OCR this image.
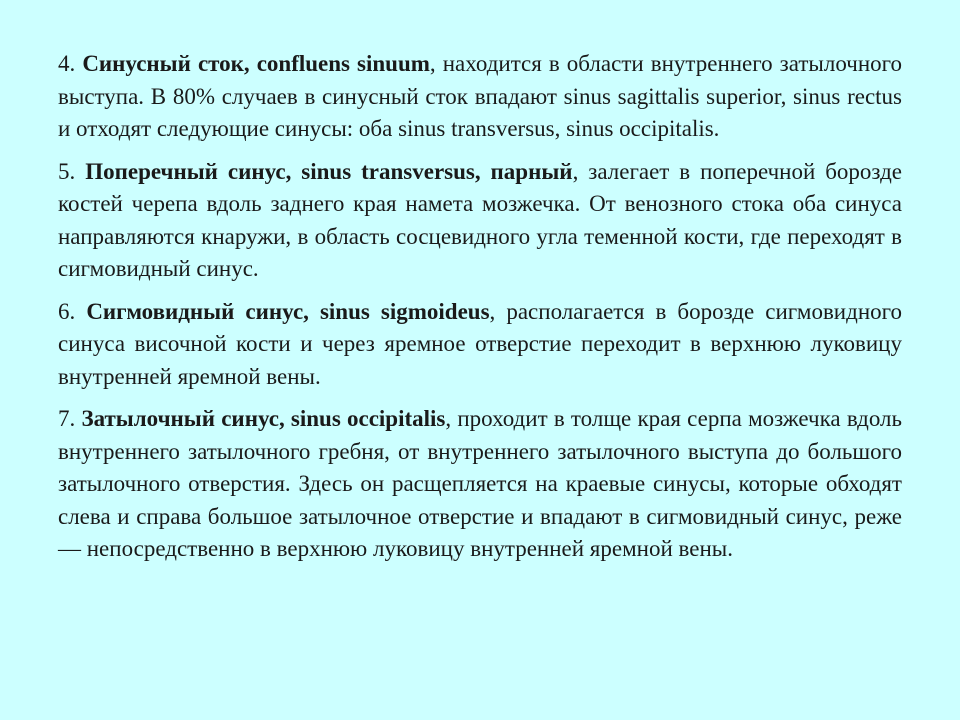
4. Синусный сток, confluens sinuum, находится в области внутреннего затылочного выступа. В 80% случаев в синусный сток впадают sinus sagittalis superior, sinus rectus и отходят следующие синусы: оба sinus transversus, sinus occipitalis.

5. Поперечный синус, sinus transversus, парный, залегает в поперечной борозде костей черепа вдоль заднего края намета мозжечка. От венозного стока оба синуса направляются кнаружи, в область сосцевидного угла теменной кости, где переходят в сигмовидный синус.

6. Сигмовидный синус, sinus sigmoideus, располагается в борозде сигмовидного синуса височной кости и через яремное отверстие переходит в верхнюю луковицу внутренней яремной вены.

7. Затылочный синус, sinus occipitalis, проходит в толще края серпа мозжечка вдоль внутреннего затылочного гребня, от внутреннего затылочного выступа до большого затылочного отверстия. Здесь он расщепляется на краевые синусы, которые обходят слева и справа большое затылочное отверстие и впадают в сигмовидный синус, реже — непосредственно в верхнюю луковицу внутренней яремной вены.
